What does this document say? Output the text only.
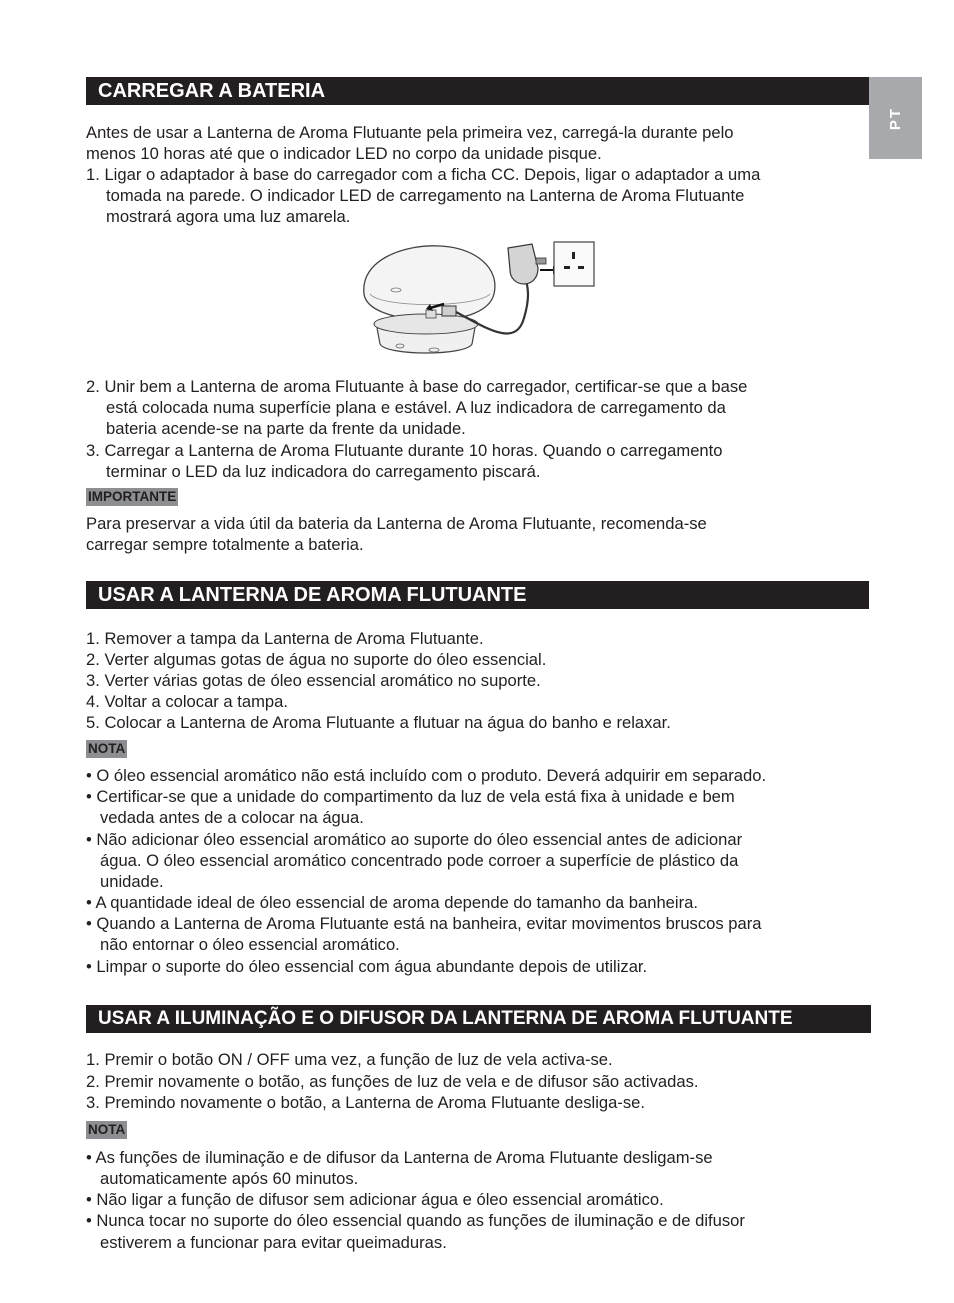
PT
CARREGAR A BATERIA
Antes de usar a Lanterna de Aroma Flutuante pela primeira vez, carregá-la durante pelo
menos 10 horas até que o indicador LED no corpo da unidade pisque.
1. Ligar o adaptador à base do carregador com a ficha CC. Depois, ligar o adaptador a uma
tomada na parede. O indicador LED de carregamento na Lanterna de Aroma Flutuante
mostrará agora uma luz amarela.
2. Unir bem a Lanterna de aroma Flutuante à base do carregador, certificar-se que a base
está colocada numa superfície plana e estável. A luz indicadora de carregamento da
bateria acende-se na parte da frente da unidade.
3. Carregar a Lanterna de Aroma Flutuante durante 10 horas. Quando o carregamento
terminar o LED da luz indicadora do carregamento piscará.
IMPORTANTE
Para preservar a vida útil da bateria da Lanterna de Aroma Flutuante, recomenda-se
carregar sempre totalmente a bateria.
USAR A LANTERNA DE AROMA FLUTUANTE
1. Remover a tampa da Lanterna de Aroma Flutuante.
2. Verter algumas gotas de água no suporte do óleo essencial.
3. Verter várias gotas de óleo essencial aromático no suporte.
4. Voltar a colocar a tampa.
5. Colocar a Lanterna de Aroma Flutuante a flutuar na água do banho e relaxar.
NOTA
• O óleo essencial aromático não está incluído com o produto. Deverá adquirir em separado.
• Certificar-se que a unidade do compartimento da luz de vela está fixa à unidade e bem
vedada antes de a colocar na água.
• Não adicionar óleo essencial aromático ao suporte do óleo essencial antes de adicionar
água. O óleo essencial aromático concentrado pode corroer a superfície de plástico da
unidade.
• A quantidade ideal de óleo essencial de aroma depende do tamanho da banheira.
• Quando a Lanterna de Aroma Flutuante está na banheira, evitar movimentos bruscos para
não entornar o óleo essencial aromático.
• Limpar o suporte do óleo essencial com água abundante depois de utilizar.
USAR A ILUMINAÇÃO E O DIFUSOR DA LANTERNA DE AROMA FLUTUANTE
1. Premir o botão ON / OFF uma vez, a função de luz de vela activa-se.
2. Premir novamente o botão, as funções de luz de vela e de difusor são activadas.
3. Premindo novamente o botão, a Lanterna de Aroma Flutuante desliga-se.
NOTA
• As funções de iluminação e de difusor da Lanterna de Aroma Flutuante desligam-se
automaticamente após 60 minutos.
• Não ligar a função de difusor sem adicionar água e óleo essencial aromático.
• Nunca tocar no suporte do óleo essencial quando as funções de iluminação e de difusor
estiverem a funcionar para evitar queimaduras.
